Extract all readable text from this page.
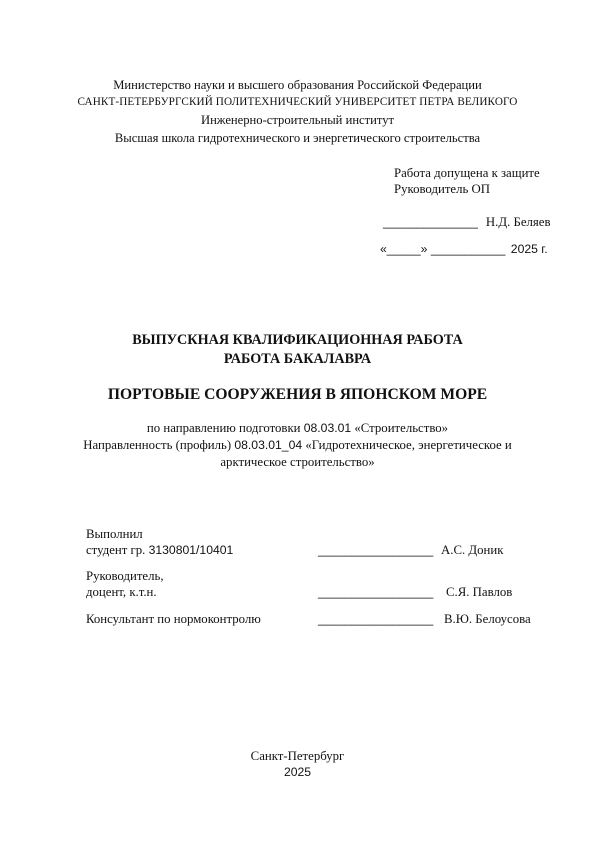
Министерство науки и высшего образования Российской Федерации
САНКТ-ПЕТЕРБУРГСКИЙ ПОЛИТЕХНИЧЕСКИЙ УНИВЕРСИТЕТ ПЕТРА ВЕЛИКОГО
Инженерно-строительный институт
Высшая школа гидротехнического и энергетического строительства
Работа допущена к защите
Руководитель ОП
______________ Н.Д. Беляев
«_____» ___________ 2025 г.
ВЫПУСКНАЯ КВАЛИФИКАЦИОННАЯ РАБОТА
РАБОТА БАКАЛАВРА
ПОРТОВЫЕ СООРУЖЕНИЯ В ЯПОНСКОМ МОРЕ
по направлению подготовки 08.03.01 «Строительство»
Направленность (профиль) 08.03.01_04 «Гидротехническое, энергетическое и
арктическое строительство»
Выполнил
студент гр. 3130801/10401	_________________ А.С. Доник
Руководитель,
доцент, к.т.н.	_________________ С.Я. Павлов
Консультант по нормоконтролю	_________________ В.Ю. Белоусова
Санкт-Петербург
2025
